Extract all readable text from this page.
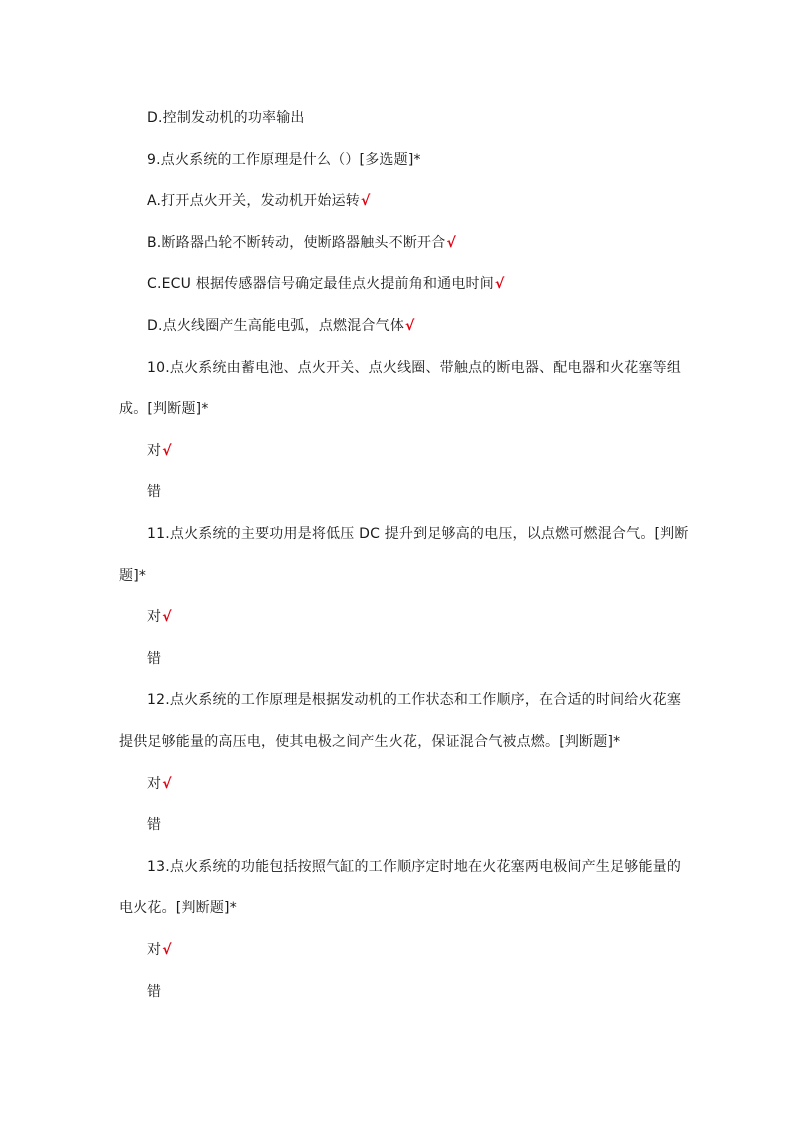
D.控制发动机的功率输出
9.点火系统的工作原理是什么（）[多选题]*
A.打开点火开关，发动机开始运转√
B.断路器凸轮不断转动，使断路器触头不断开合√
C.ECU 根据传感器信号确定最佳点火提前角和通电时间√
D.点火线圈产生高能电弧，点燃混合气体√
10.点火系统由蓄电池、点火开关、点火线圈、带触点的断电器、配电器和火花塞等组
成。[判断题]*
对√
错
11.点火系统的主要功用是将低压 DC 提升到足够高的电压，以点燃可燃混合气。[判断
题]*
对√
错
12.点火系统的工作原理是根据发动机的工作状态和工作顺序，在合适的时间给火花塞
提供足够能量的高压电，使其电极之间产生火花，保证混合气被点燃。[判断题]*
对√
错
13.点火系统的功能包括按照气缸的工作顺序定时地在火花塞两电极间产生足够能量的
电火花。[判断题]*
对√
错
